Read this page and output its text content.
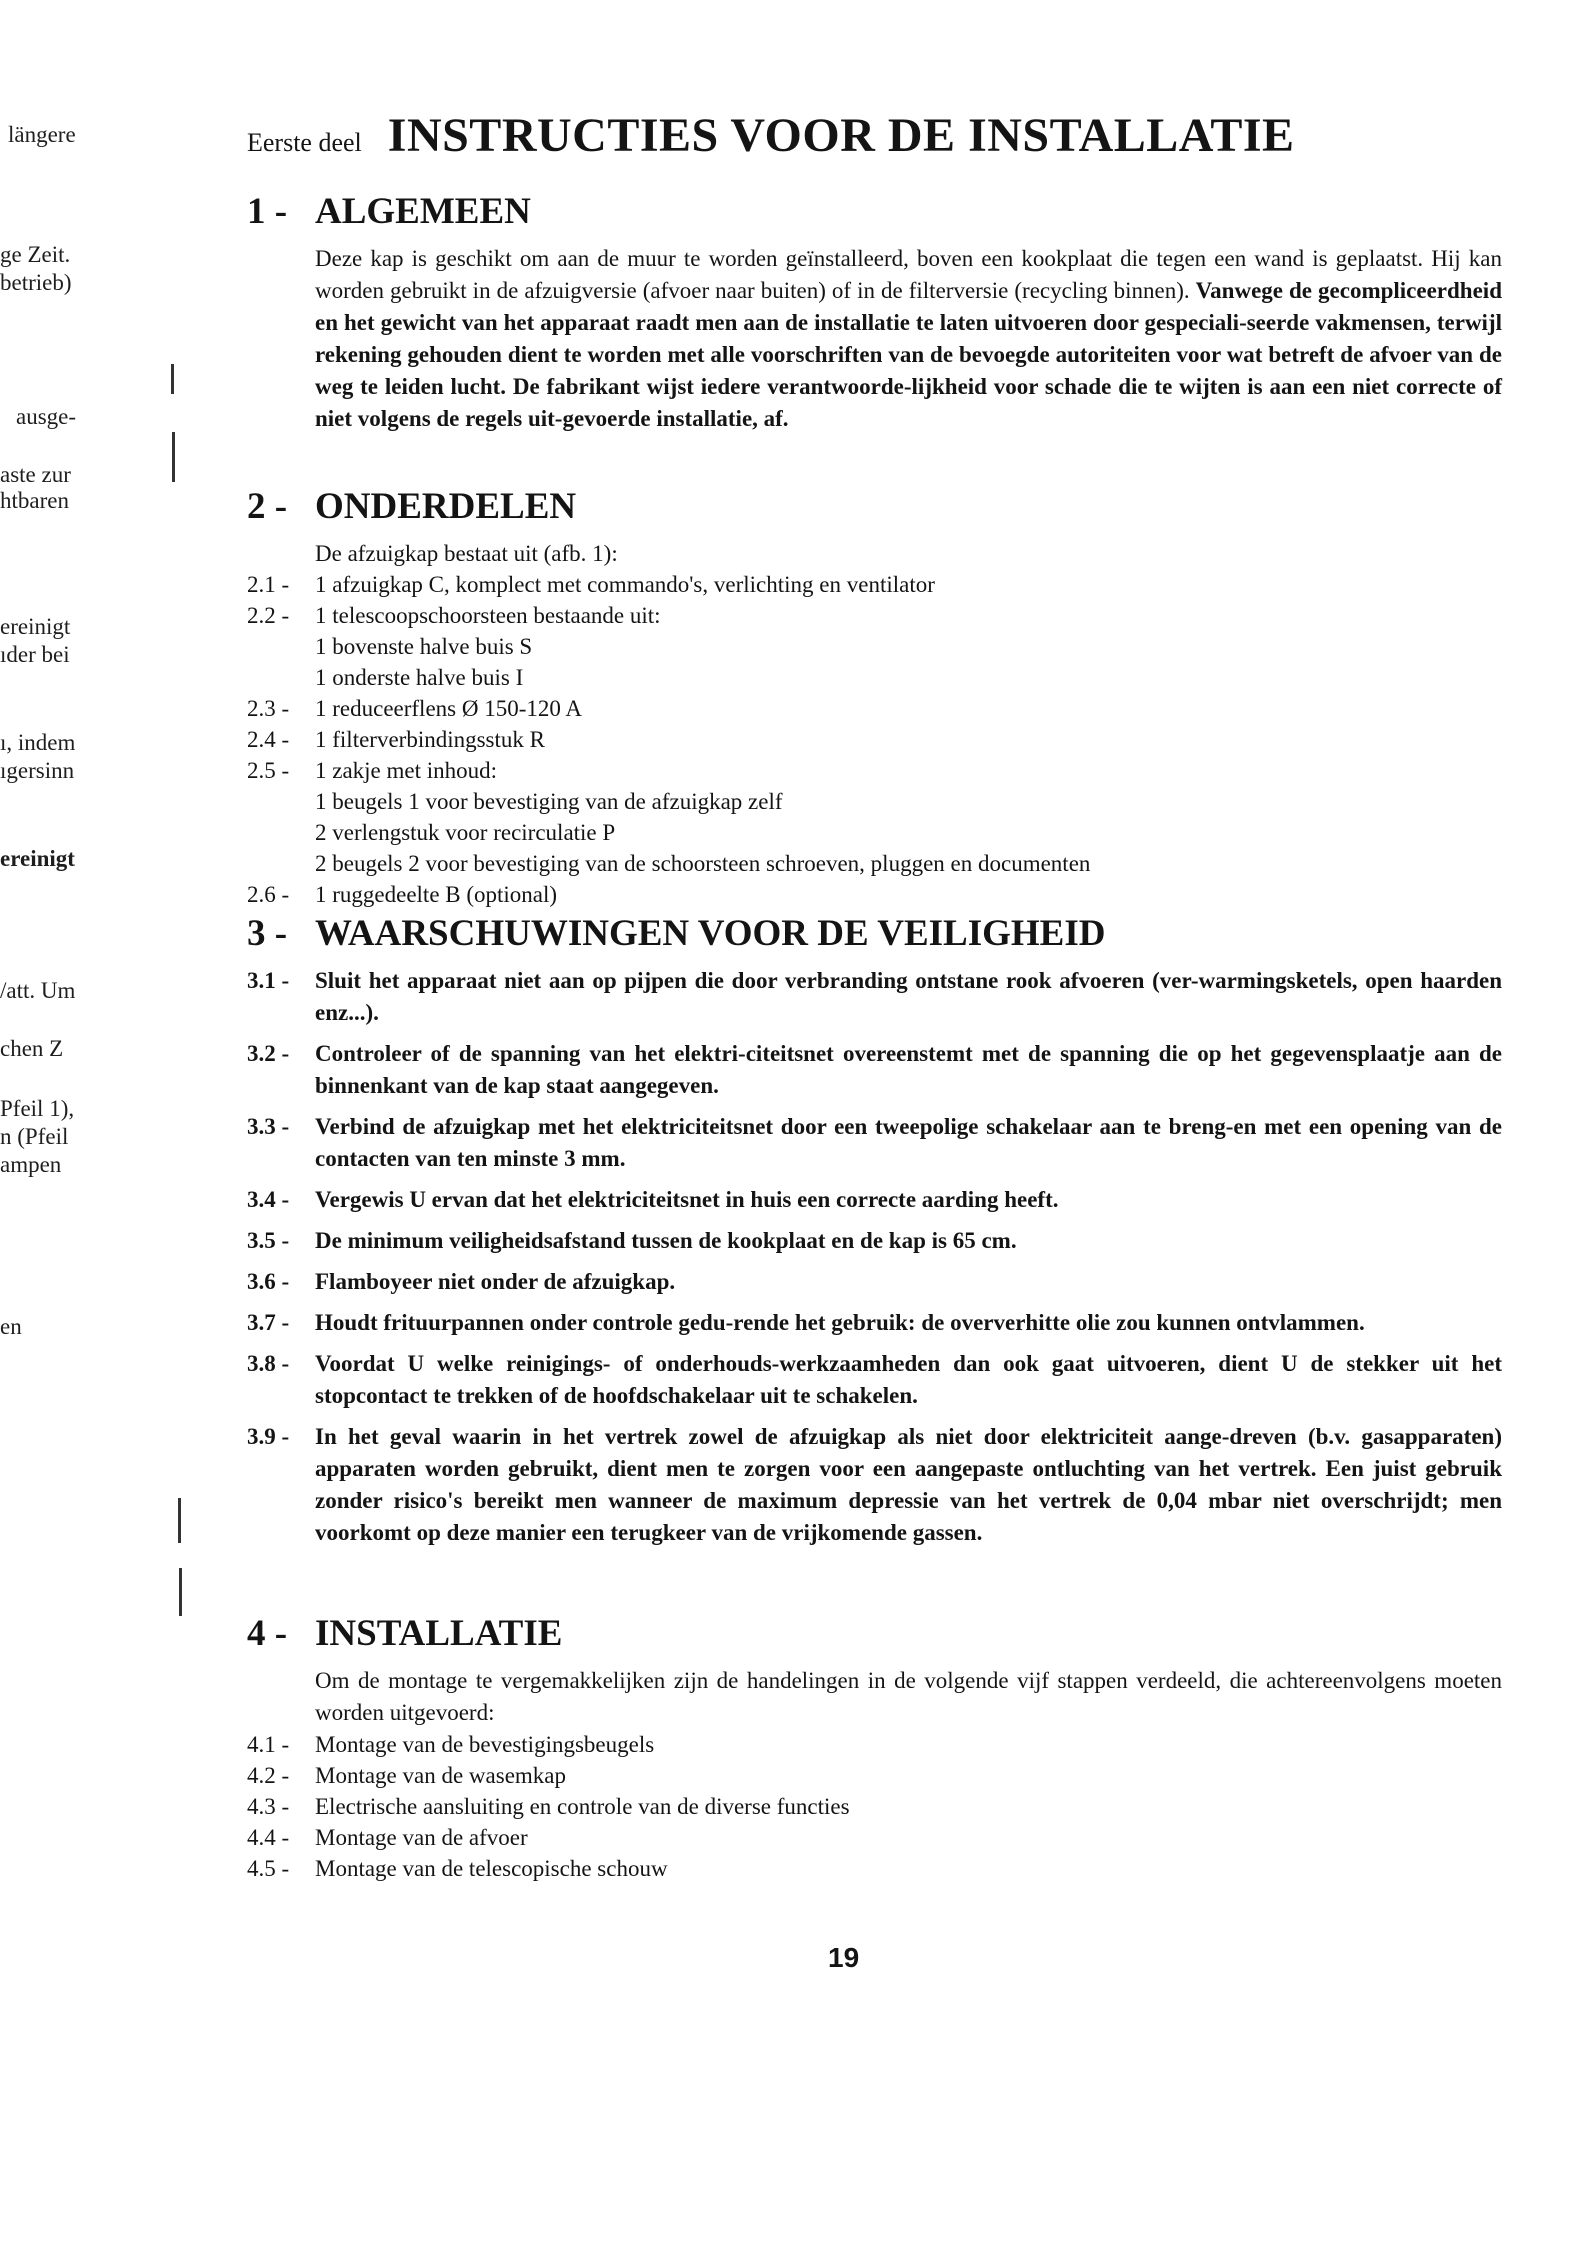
längere
ge Zeit.
betrieb)
ausge-
aste zur
htbaren
ereinigt
ıder bei
ı, indem
ıgersinn
ereinigt
/att. Um
chen Z
Pfeil 1),
n (Pfeil
ampen
en
Eerste deel INSTRUCTIES VOOR DE INSTALLATIE
1 - ALGEMEEN

Deze kap is geschikt om aan de muur te worden geïnstalleerd, boven een kookplaat die tegen een wand is geplaatst. Hij kan worden gebruikt in de afzuigversie (afvoer naar buiten) of in de filterversie (recycling binnen). Vanwege de gecompliceerdheid en het gewicht van het apparaat raadt men aan de installatie te laten uitvoeren door gespeciali-seerde vakmensen, terwijl rekening gehouden dient te worden met alle voorschriften van de bevoegde autoriteiten voor wat betreft de afvoer van de weg te leiden lucht. De fabrikant wijst iedere verantwoorde-lijkheid voor schade die te wijten is aan een niet correcte of niet volgens de regels uit-gevoerde installatie, af.

2 - ONDERDELEN
De afzuigkap bestaat uit (afb. 1):
2.1 - 1 afzuigkap C, komplect met commando's, verlichting en ventilator
2.2 - 1 telescoopschoorsteen bestaande uit:
1 bovenste halve buis S
1 onderste halve buis I
2.3 - 1 reduceerflens Ø 150-120 A
2.4 - 1 filterverbindingsstuk R
2.5 - 1 zakje met inhoud:
1 beugels 1 voor bevestiging van de afzuigkap zelf
2 verlengstuk voor recirculatie P
2 beugels 2 voor bevestiging van de schoorsteen schroeven, pluggen en documenten
2.6 - 1 ruggedeelte B (optional)
3 - WAARSCHUWINGEN VOOR DE VEILIGHEID
3.1 -	Sluit het apparaat niet aan op pijpen die door verbranding ontstane rook afvoeren (ver-warmingsketels, open haarden enz...).
3.2 -	Controleer of de spanning van het elektri-citeitsnet overeenstemt met de spanning die op het gegevensplaatje aan de binnenkant van de kap staat aangegeven.
3.3 -	Verbind de afzuigkap met het elektriciteitsnet door een tweepolige schakelaar aan te breng-en met een opening van de contacten van ten minste 3 mm.
3.4 -	Vergewis U ervan dat het elektriciteitsnet in huis een correcte aarding heeft.
3.5 -	De minimum veiligheidsafstand tussen de kookplaat en de kap is 65 cm.
3.6 -	Flamboyeer niet onder de afzuigkap.
3.7 -	Houdt frituurpannen onder controle gedu-rende het gebruik: de oververhitte olie zou kunnen ontvlammen.
3.8 -	Voordat U welke reinigings- of onderhouds-werkzaamheden dan ook gaat uitvoeren, dient U de stekker uit het stopcontact te trekken of de hoofdschakelaar uit te schakelen.
3.9 -	In het geval waarin in het vertrek zowel de afzuigkap als niet door elektriciteit aange-dreven (b.v. gasapparaten) apparaten worden gebruikt, dient men te zorgen voor een aangepaste ontluchting van het vertrek. Een juist gebruik zonder risico's bereikt men wanneer de maximum depressie van het vertrek de 0,04 mbar niet overschrijdt; men voorkomt op deze manier een terugkeer van de vrijkomende gassen.
4 - INSTALLATIE

Om de montage te vergemakkelijken zijn de handelingen in de volgende vijf stappen verdeeld, die achtereenvolgens moeten worden uitgevoerd:

4.1 - Montage van de bevestigingsbeugels
4.2 - Montage van de wasemkap
4.3 - Electrische aansluiting en controle van de diverse functies
4.4 - Montage van de afvoer
4.5 - Montage van de telescopische schouw
19
